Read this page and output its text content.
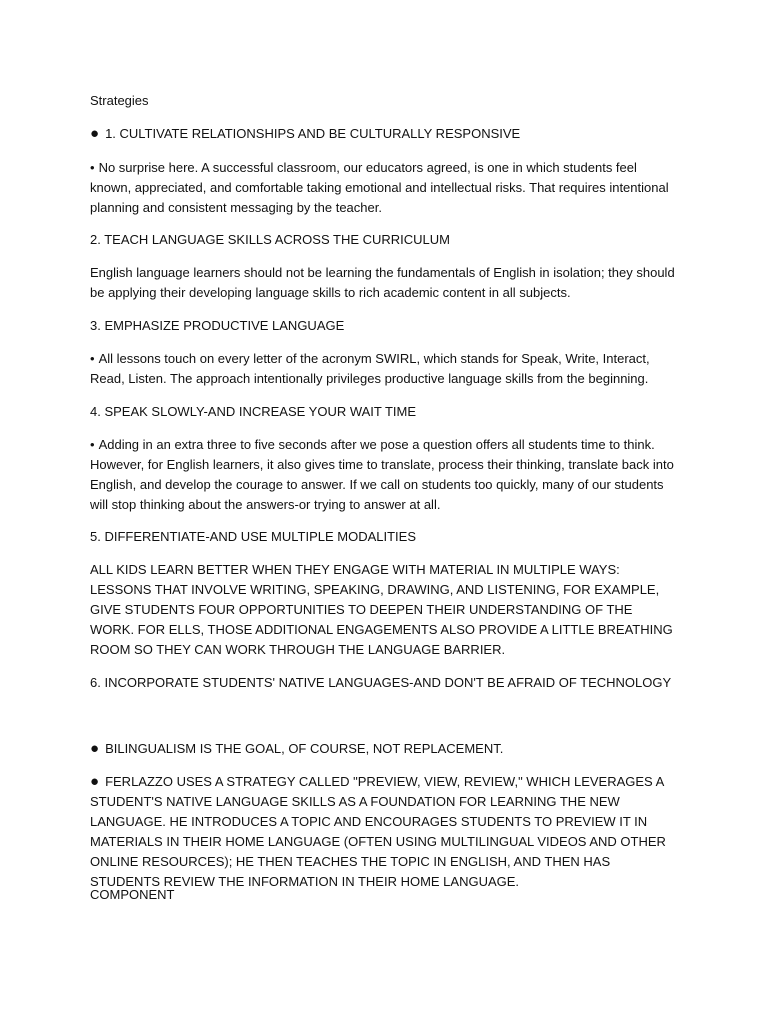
Strategies

● 1. CULTIVATE RELATIONSHIPS AND BE CULTURALLY RESPONSIVE

• No surprise here. A successful classroom, our educators agreed, is one in which students feel known, appreciated, and comfortable taking emotional and intellectual risks. That requires intentional planning and consistent messaging by the teacher.

2. TEACH LANGUAGE SKILLS ACROSS THE CURRICULUM

English language learners should not be learning the fundamentals of English in isolation; they should be applying their developing language skills to rich academic content in all subjects.

3. EMPHASIZE PRODUCTIVE LANGUAGE

• All lessons touch on every letter of the acronym SWIRL, which stands for Speak, Write, Interact, Read, Listen. The approach intentionally privileges productive language skills from the beginning.

4. SPEAK SLOWLY-AND INCREASE YOUR WAIT TIME

• Adding in an extra three to five seconds after we pose a question offers all students time to think. However, for English learners, it also gives time to translate, process their thinking, translate back into English, and develop the courage to answer. If we call on students too quickly, many of our students will stop thinking about the answers-or trying to answer at all.

5. DIFFERENTIATE-AND USE MULTIPLE MODALITIES

ALL KIDS LEARN BETTER WHEN THEY ENGAGE WITH MATERIAL IN MULTIPLE WAYS: LESSONS THAT INVOLVE WRITING, SPEAKING, DRAWING, AND LISTENING, FOR EXAMPLE, GIVE STUDENTS FOUR OPPORTUNITIES TO DEEPEN THEIR UNDERSTANDING OF THE WORK. FOR ELLS, THOSE ADDITIONAL ENGAGEMENTS ALSO PROVIDE A LITTLE BREATHING ROOM SO THEY CAN WORK THROUGH THE LANGUAGE BARRIER.

6. INCORPORATE STUDENTS' NATIVE LANGUAGES-AND DON'T BE AFRAID OF TECHNOLOGY

● BILINGUALISM IS THE GOAL, OF COURSE, NOT REPLACEMENT.

● FERLAZZO USES A STRATEGY CALLED "PREVIEW, VIEW, REVIEW," WHICH LEVERAGES A STUDENT'S NATIVE LANGUAGE SKILLS AS A FOUNDATION FOR LEARNING THE NEW LANGUAGE. HE INTRODUCES A TOPIC AND ENCOURAGES STUDENTS TO PREVIEW IT IN MATERIALS IN THEIR HOME LANGUAGE (OFTEN USING MULTILINGUAL VIDEOS AND OTHER ONLINE RESOURCES); HE THEN TEACHES THE TOPIC IN ENGLISH, AND THEN HAS STUDENTS REVIEW THE INFORMATION IN THEIR HOME LANGUAGE.

COMPONENT
